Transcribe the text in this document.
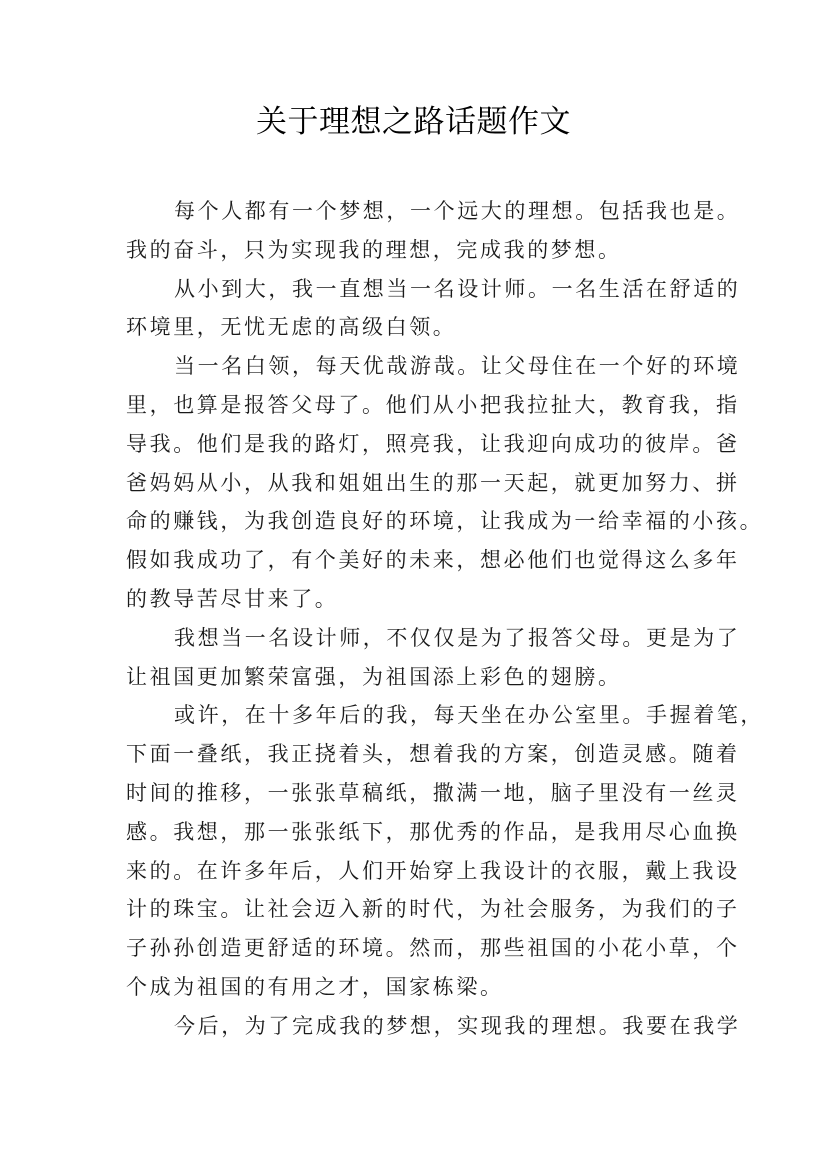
关于理想之路话题作文

每个人都有一个梦想，一个远大的理想。包括我也是。
我的奋斗，只为实现我的理想，完成我的梦想。

从小到大，我一直想当一名设计师。一名生活在舒适的
环境里，无忧无虑的高级白领。

当一名白领，每天优哉游哉。让父母住在一个好的环境
里，也算是报答父母了。他们从小把我拉扯大，教育我，指
导我。他们是我的路灯，照亮我，让我迎向成功的彼岸。爸
爸妈妈从小，从我和姐姐出生的那一天起，就更加努力、拼
命的赚钱，为我创造良好的环境，让我成为一给幸福的小孩。
假如我成功了，有个美好的未来，想必他们也觉得这么多年
的教导苦尽甘来了。

我想当一名设计师，不仅仅是为了报答父母。更是为了
让祖国更加繁荣富强，为祖国添上彩色的翅膀。

或许，在十多年后的我，每天坐在办公室里。手握着笔，
下面一叠纸，我正挠着头，想着我的方案，创造灵感。随着
时间的推移，一张张草稿纸，撒满一地，脑子里没有一丝灵
感。我想，那一张张纸下，那优秀的作品，是我用尽心血换
来的。在许多年后，人们开始穿上我设计的衣服，戴上我设
计的珠宝。让社会迈入新的时代，为社会服务，为我们的子
子孙孙创造更舒适的环境。然而，那些祖国的小花小草，个
个成为祖国的有用之才，国家栋梁。

今后，为了完成我的梦想，实现我的理想。我要在我学
